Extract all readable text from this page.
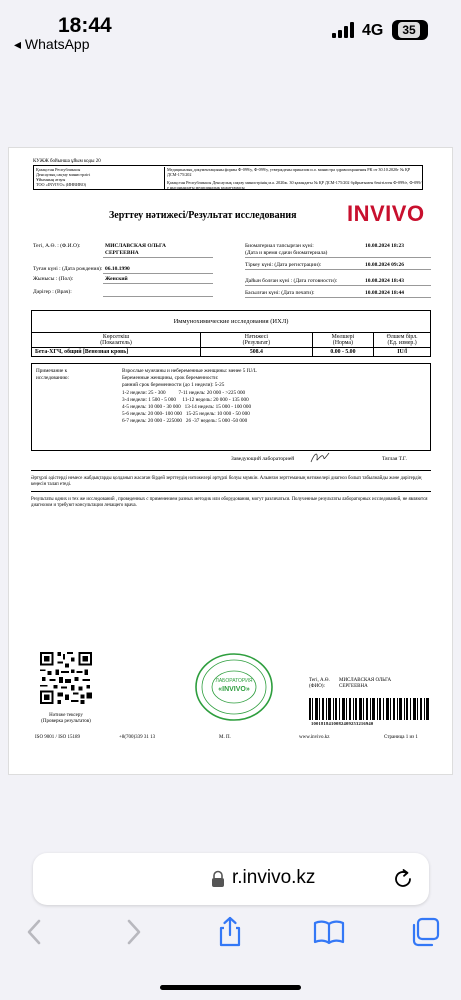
18:44
◂ WhatsApp
4G	35
КУЖЖ бойынша ұйым коды 20
Қазақстан Республикасы
Денсаулық сақтау министрлігі
Ұйымның атауы
ТОО «INVIVO» (ИНВИВО)
Медициналық документацияны формы Ф-099/у, Ф-099/у, утверждены приказом и.о. министра здравоохранения РК от 30.10.2020г № ҚР ДСМ-175/202
Қазақстан Республикасы Денсаулық сақтау министрінің м.а. 2020ж. 30 қазандағы № ҚР ДСМ-175/202 бұйрығымен бекітілген Ф-099/е, Ф-099/е нысанындағы медициналық құжаттамасы
Зерттеу нәтижесі/Результат исследования INVIVO
Тегі, А.Ө. : (Ф.И.О):	МИСЛАВСКАЯ ОЛЬГА
СЕРГЕЕВНА
Туған күні : (Дата рождения): 06.10.1990
Жынысы : (Пол):	Женский
Дәрігер : (Врач):
Биоматериал тапсырған күні:
(Дата и время сдачи биоматериала)
10.08.2024 18:23
Тіркеу күні: (Дата регистрации):	10.08.2024 09:26
Дайын болған күні : (Дата готовности):	10.08.2024 18:43
Басылған күні: (Дата печати):	10.08.2024 18:44
Иммунохимические исследования (ИХЛ)
Көрсеткіш
(Показатель)
Нәтижесі
(Результат)
Мөлшері
(Норма)
Өлшем бірл.
(Ед. измер.)
Бета-ХГЧ, общий [Венозная кровь]	508.4	0.00 - 5.00	IU/l
Примечание к исследованию:
Взрослые мужчины и небеременные женщины: менее 5 IU/L
Беременные женщины, срок беременности:
ранний срок беременности (до 1 недели): 5-25
1-2 недели: 25 - 300          7-11 недель: 20 000 - >225 000
3-4 недели: 1 500 - 5 000     11-12 недель: 20 000 - 135 000
4-5 недель: 10 000 - 30 000   13-14 недель: 15 000 - 100 000
5-6 недель: 20 000- 100 000   15-25 недель: 10 000 - 50 000
6-7 недель: 20 000 - 225000   26 -37 недель: 5 000 -50 000
Заведующий лабораторией	Тяглая Т.Г.
Әртүрлі әдістерді немесе жабдықтарды қолданып жасаған бірдей зерттеудің нәтижелері әртүрлі болуы мүмкін. Алынған зерттеманың нәтижелері диагноз болып табылмайды және дәрігердің кеңесін талап етеді.
Результаты одних и тех же исследований , проведенных с применением разных методик или оборудования, могут различаться. Полученные результаты лабораторных исследований, не являются диагнозом и требуют консультации лечащего врача.
Нәтиже тексеру
(Проверка результатов)
ЛАБОРАТОРИЯ
«INVIVO»
Тегі, А.Ө.
(ФИО):
МИСЛАВСКАЯ ОЛЬГА
СЕРГЕЕВНА
1001818410082409253216940
ISO 9001 / ISO 15189	+8(700)339 31 13	М. П.	www.invivo.kz	Страница 1 из 1
r.invivo.kz
